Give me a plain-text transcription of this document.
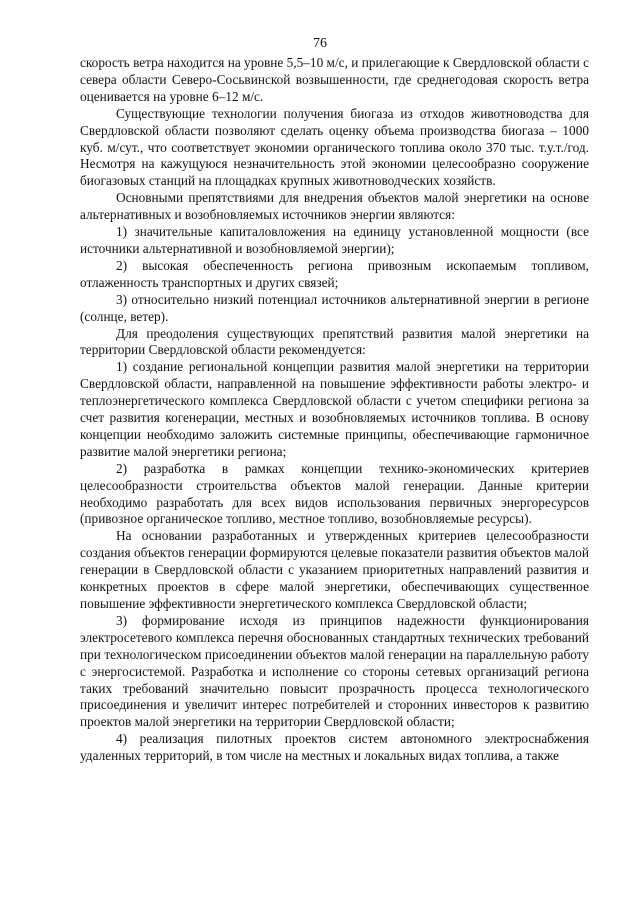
76

скорость ветра находится на уровне 5,5–10 м/с, и прилегающие к Свердловской области с севера области Северо-Сосьвинской возвышенности, где среднегодовая скорость ветра оценивается на уровне 6–12 м/с.

Существующие технологии получения биогаза из отходов животноводства для Свердловской области позволяют сделать оценку объема производства биогаза – 1000 куб. м/сут., что соответствует экономии органического топлива около 370 тыс. т.у.т./год. Несмотря на кажущуюся незначительность этой экономии целесообразно сооружение биогазовых станций на площадках крупных животноводческих хозяйств.

Основными препятствиями для внедрения объектов малой энергетики на основе альтернативных и возобновляемых источников энергии являются:

1) значительные капиталовложения на единицу установленной мощности (все источники альтернативной и возобновляемой энергии);

2) высокая обеспеченность региона привозным ископаемым топливом, отлаженность транспортных и других связей;

3) относительно низкий потенциал источников альтернативной энергии в регионе (солнце, ветер).

Для преодоления существующих препятствий развития малой энергетики на территории Свердловской области рекомендуется:

1) создание региональной концепции развития малой энергетики на территории Свердловской области, направленной на повышение эффективности работы электро- и теплоэнергетического комплекса Свердловской области с учетом специфики региона за счет развития когенерации, местных и возобновляемых источников топлива. В основу концепции необходимо заложить системные принципы, обеспечивающие гармоничное развитие малой энергетики региона;

2) разработка в рамках концепции технико-экономических критериев целесообразности строительства объектов малой генерации. Данные критерии необходимо разработать для всех видов использования первичных энергоресурсов (привозное органическое топливо, местное топливо, возобновляемые ресурсы).

На основании разработанных и утвержденных критериев целесообразности создания объектов генерации формируются целевые показатели развития объектов малой генерации в Свердловской области с указанием приоритетных направлений развития и конкретных проектов в сфере малой энергетики, обеспечивающих существенное повышение эффективности энергетического комплекса Свердловской области;

3) формирование исходя из принципов надежности функционирования электросетевого комплекса перечня обоснованных стандартных технических требований при технологическом присоединении объектов малой генерации на параллельную работу с энергосистемой. Разработка и исполнение со стороны сетевых организаций региона таких требований значительно повысит прозрачность процесса технологического присоединения и увеличит интерес потребителей и сторонних инвесторов к развитию проектов малой энергетики на территории Свердловской области;

4) реализация пилотных проектов систем автономного электроснабжения удаленных территорий, в том числе на местных и локальных видах топлива, а также
